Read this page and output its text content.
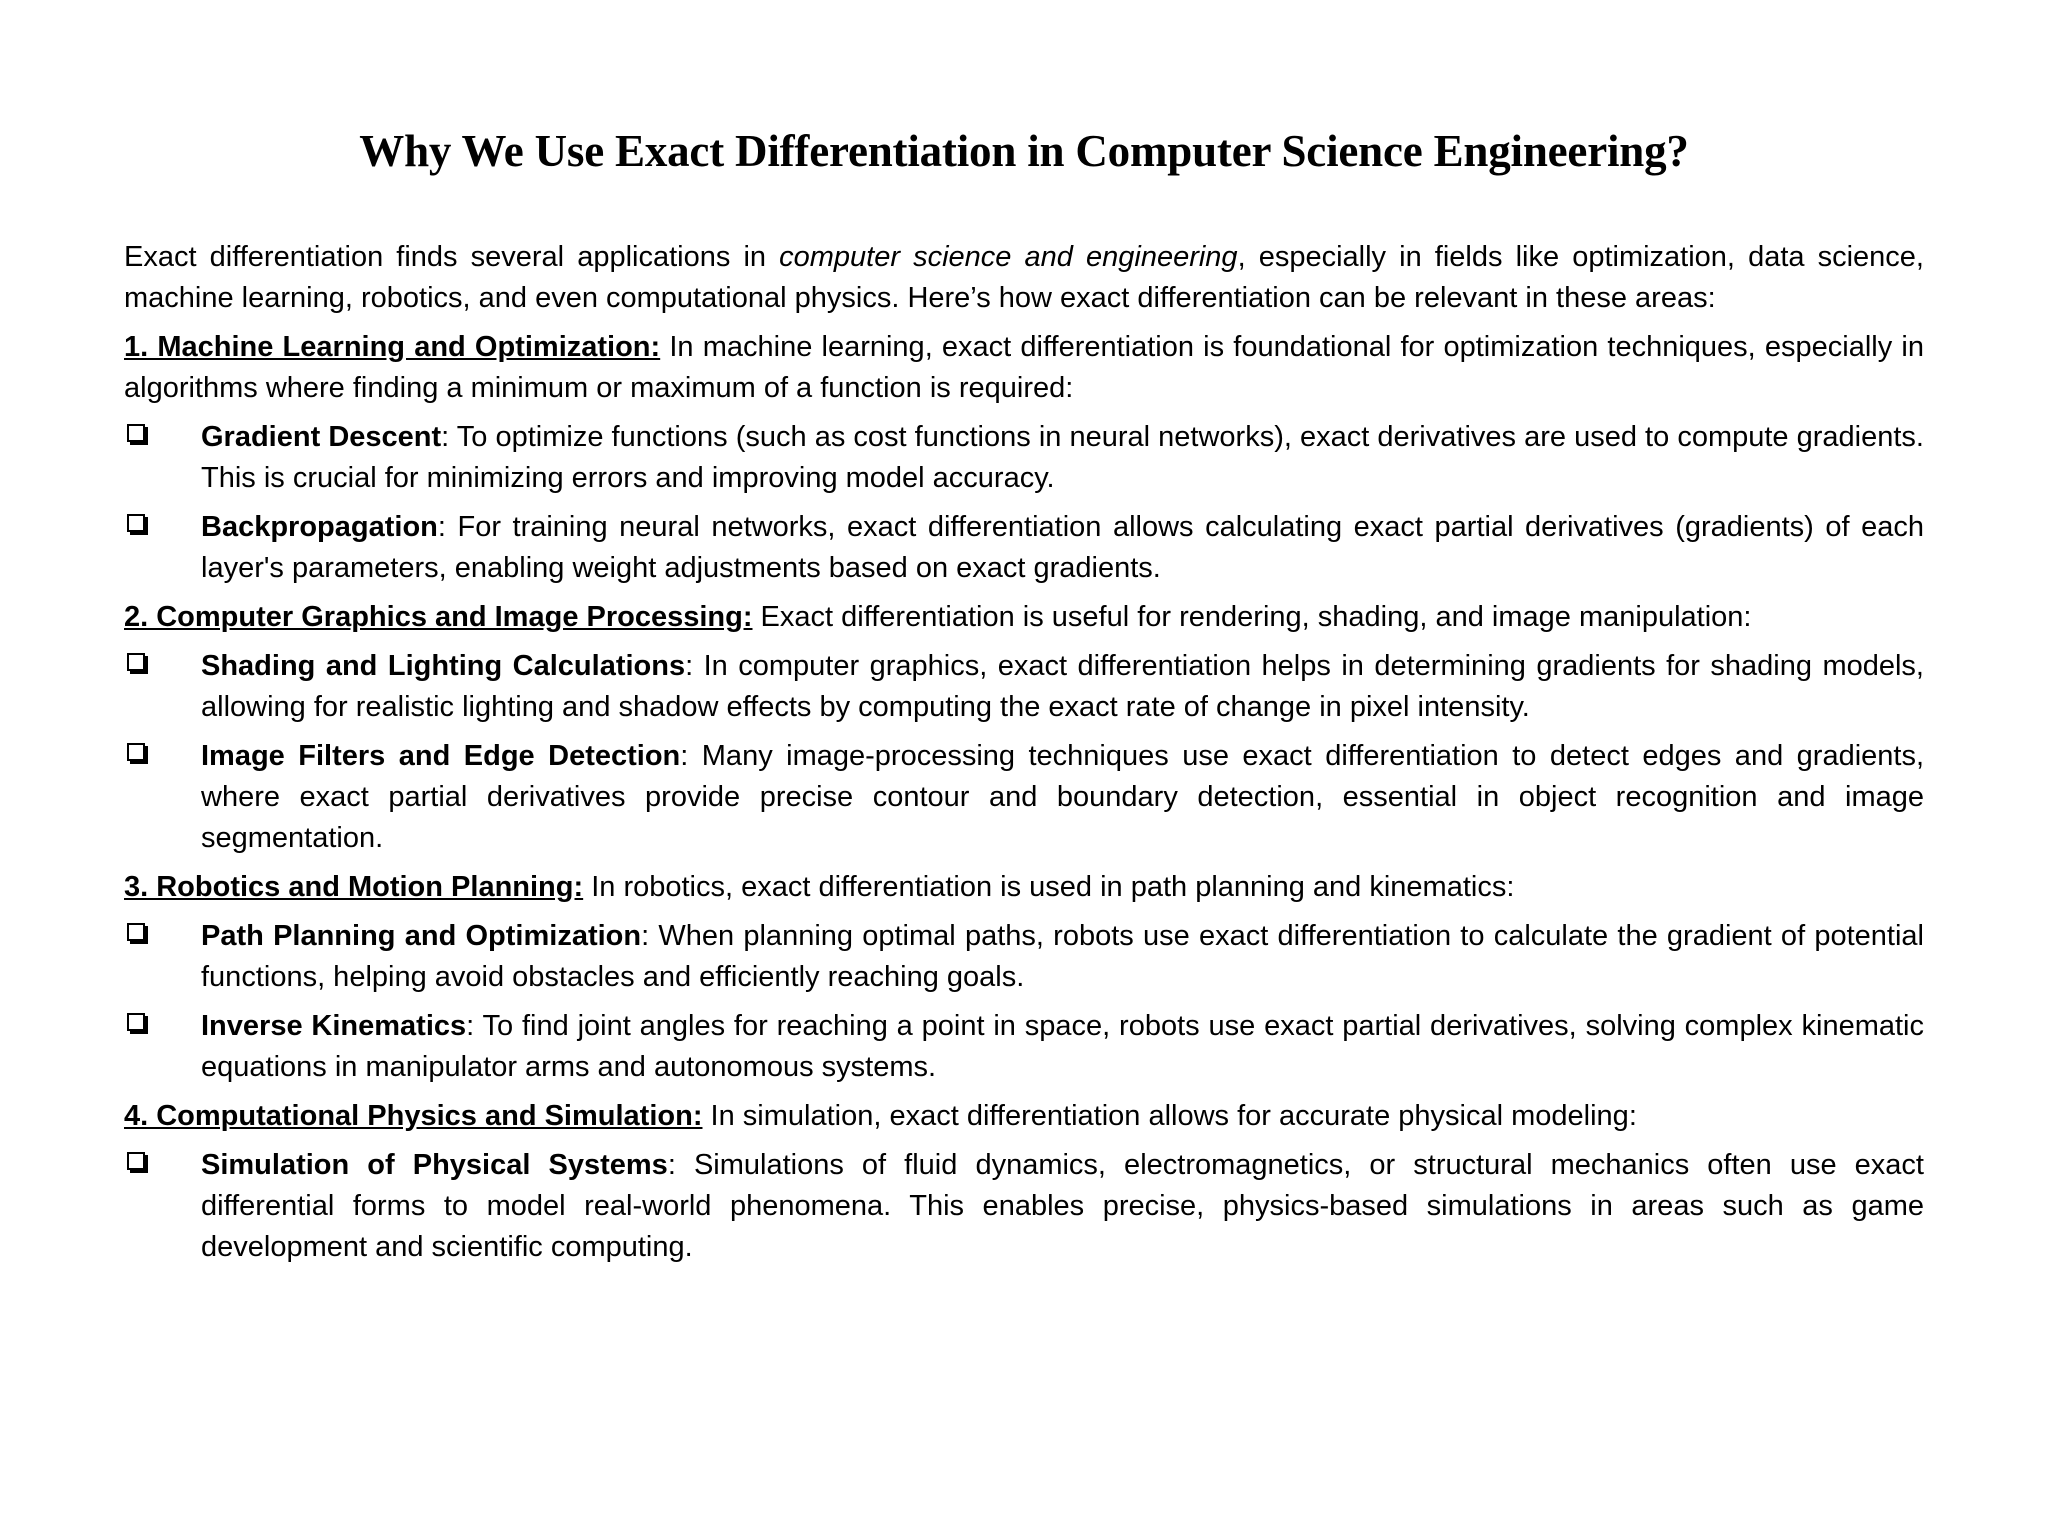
Why We Use Exact Differentiation in Computer Science Engineering?

Exact differentiation finds several applications in computer science and engineering, especially in fields like optimization, data science, machine learning, robotics, and even computational physics. Here’s how exact differentiation can be relevant in these areas:

1. Machine Learning and Optimization: In machine learning, exact differentiation is foundational for optimization techniques, especially in algorithms where finding a minimum or maximum of a function is required:

Gradient Descent: To optimize functions (such as cost functions in neural networks), exact derivatives are used to compute gradients. This is crucial for minimizing errors and improving model accuracy.
Backpropagation: For training neural networks, exact differentiation allows calculating exact partial derivatives (gradients) of each layer's parameters, enabling weight adjustments based on exact gradients.

2. Computer Graphics and Image Processing: Exact differentiation is useful for rendering, shading, and image manipulation:

Shading and Lighting Calculations: In computer graphics, exact differentiation helps in determining gradients for shading models, allowing for realistic lighting and shadow effects by computing the exact rate of change in pixel intensity.
Image Filters and Edge Detection: Many image-processing techniques use exact differentiation to detect edges and gradients, where exact partial derivatives provide precise contour and boundary detection, essential in object recognition and image segmentation.

3. Robotics and Motion Planning: In robotics, exact differentiation is used in path planning and kinematics:

Path Planning and Optimization: When planning optimal paths, robots use exact differentiation to calculate the gradient of potential functions, helping avoid obstacles and efficiently reaching goals.
Inverse Kinematics: To find joint angles for reaching a point in space, robots use exact partial derivatives, solving complex kinematic equations in manipulator arms and autonomous systems.

4. Computational Physics and Simulation: In simulation, exact differentiation allows for accurate physical modeling:

Simulation of Physical Systems: Simulations of fluid dynamics, electromagnetics, or structural mechanics often use exact differential forms to model real-world phenomena. This enables precise, physics-based simulations in areas such as game development and scientific computing.
